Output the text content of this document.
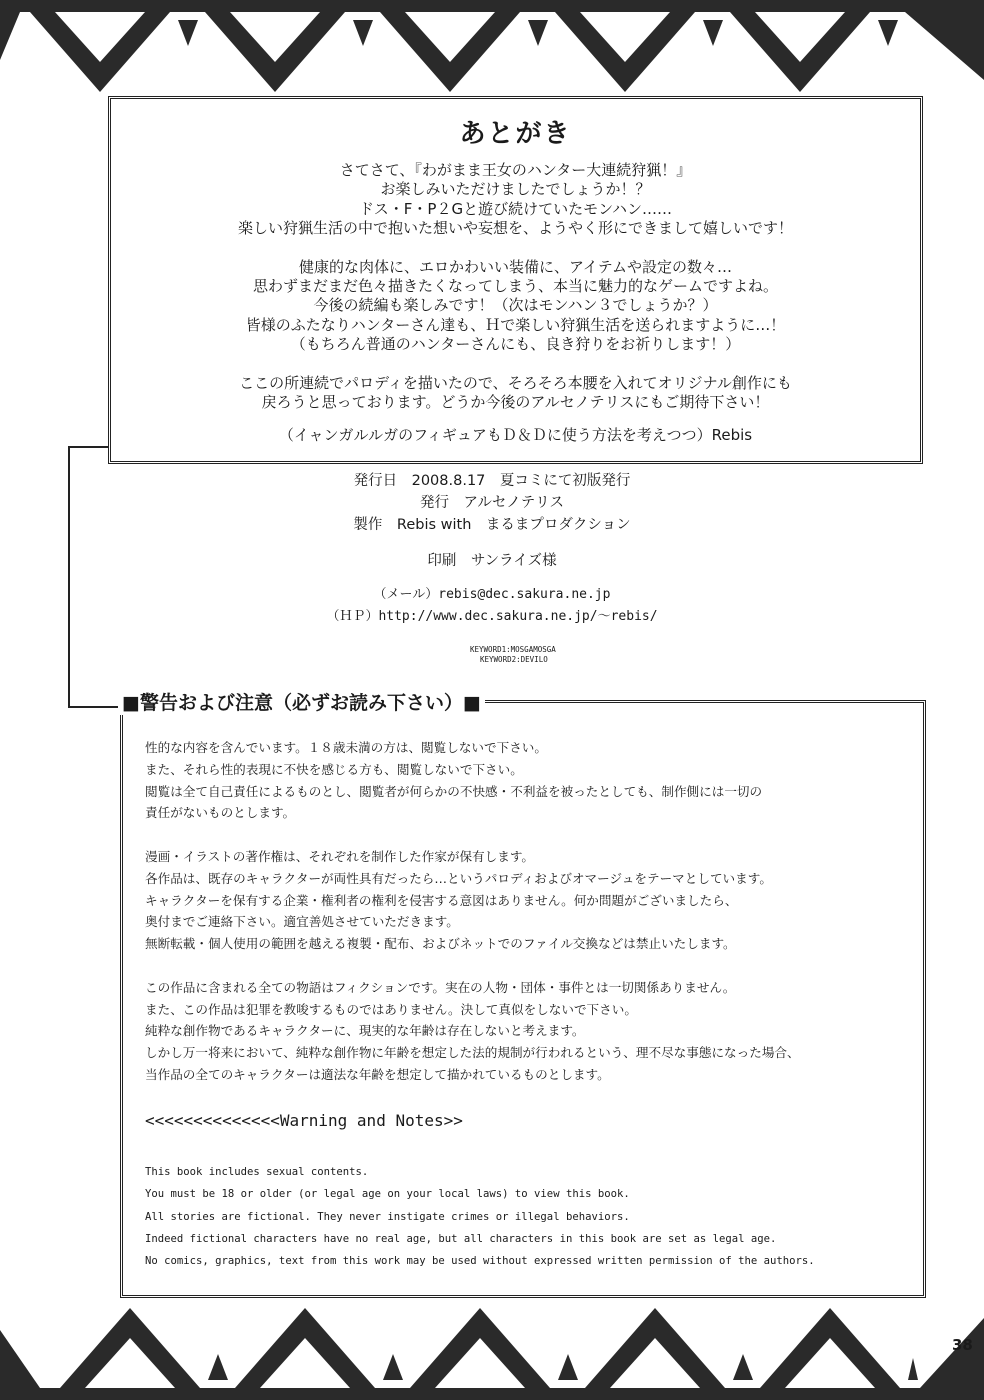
あとがき

さてさて、『わがまま王女のハンター大連続狩猟！』

お楽しみいただけましたでしょうか！？

ドス・F・P２Gと遊び続けていたモンハン……

楽しい狩猟生活の中で抱いた想いや妄想を、ようやく形にできまして嬉しいです！

健康的な肉体に、エロかわいい装備に、アイテムや設定の数々…

思わずまだまだ色々描きたくなってしまう、本当に魅力的なゲームですよね。

今後の続編も楽しみです！（次はモンハン３でしょうか？）

皆様のふたなりハンターさん達も、Ｈで楽しい狩猟生活を送られますように…！

（もちろん普通のハンターさんにも、良き狩りをお祈りします！）

ここの所連続でパロディを描いたので、そろそろ本腰を入れてオリジナル創作にも

戻ろうと思っております。どうか今後のアルセノテリスにもご期待下さい！

（イャンガルルガのフィギュアもＤ＆Ｄに使う方法を考えつつ）Rebis

発行日　2008.8.17　夏コミにて初版発行

発行　アルセノテリス

製作　Rebis with　まるまプロダクション

印刷　サンライズ様

（メール）rebis@dec.sakura.ne.jp

（ＨＰ）http://www.dec.sakura.ne.jp/～rebis/

KEYWORD1:MOSGAMOSGA
KEYWORD2:DEVILO

性的な内容を含んでいます。１８歳未満の方は、閲覧しないで下さい。

また、それら性的表現に不快を感じる方も、閲覧しないで下さい。

閲覧は全て自己責任によるものとし、閲覧者が何らかの不快感・不利益を被ったとしても、制作側には一切の

責任がないものとします。

漫画・イラストの著作権は、それぞれを制作した作家が保有します。

各作品は、既存のキャラクターが両性具有だったら…というパロディおよびオマージュをテーマとしています。

キャラクターを保有する企業・権利者の権利を侵害する意図はありません。何か問題がございましたら、

奥付までご連絡下さい。適宜善処させていただきます。

無断転載・個人使用の範囲を越える複製・配布、およびネットでのファイル交換などは禁止いたします。

この作品に含まれる全ての物語はフィクションです。実在の人物・団体・事件とは一切関係ありません。

また、この作品は犯罪を教唆するものではありません。決して真似をしないで下さい。

純粋な創作物であるキャラクターに、現実的な年齢は存在しないと考えます。

しかし万一将来において、純粋な創作物に年齢を想定した法的規制が行われるという、理不尽な事態になった場合、

当作品の全てのキャラクターは適法な年齢を想定して描かれているものとします。

<<<<<<<<<<<<<<Warning and Notes>>

This book includes sexual contents.

You must be 18 or older (or legal age on your local laws) to view this book.

All stories are fictional. They never instigate crimes or illegal behaviors.

Indeed fictional characters have no real age, but all characters in this book are set as legal age.

No comics, graphics, text from this work may be used without expressed written permission of the authors.

■警告および注意（必ずお読み下さい）■
38
